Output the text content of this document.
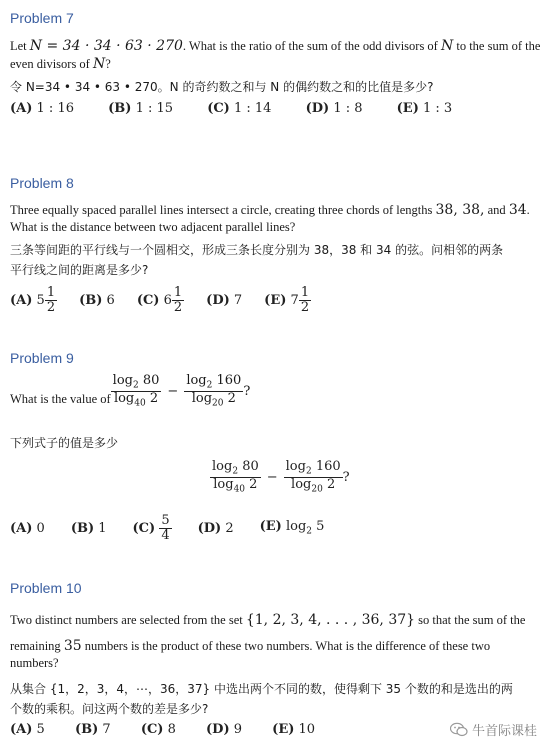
Problem 7
Let N = 34 · 34 · 63 · 270. What is the ratio of the sum of the odd divisors of N to the sum of the
even divisors of N?
令 N=34 • 34 • 63 • 270。N 的奇约数之和与 N 的偶约数之和的比值是多少?
(A) 1 : 16	(B) 1 : 15	(C) 1 : 14	(D) 1 : 8	(E) 1 : 3
Problem 8
Three equally spaced parallel lines intersect a circle, creating three chords of lengths 38, 38, and 34.
What is the distance between two adjacent parallel lines?
三条等间距的平行线与一个圆相交，形成三条长度分别为 38，38 和 34 的弦。问相邻的两条
平行线之间的距离是多少?
(A)
$5 \frac{1}{2} (B)$ 6 (C)
$6 \frac{1}{2} (D)$ 7 (E)
$7 \frac{1}{2}$
Problem 9
What is the value of $\frac{\log_2 80}{\log_{40} 2} - \frac{\log_2 160}{\log_{20} 2}$ ?
下列式子的值是多少
$\frac{\log_2 80}{\log_{40} 2} - \frac{\log_2 160}{\log_{20} 2}$ ?
(A) 0 (B) 1 (C)
$\frac{5}{4} (D)$ 2 (E) $\log_2 5$
Problem 10
Two distinct numbers are selected from the set {1, 2, 3, 4, . . . , 36, 37} so that the sum of the
remaining 35 numbers is the product of these two numbers. What is the difference of these two
numbers?
从集合 {1，2，3，4，⋯，36，37} 中选出两个不同的数，使得剩下 35 个数的和是选出的两
个数的乘积。问这两个数的差是多少?
(A) 5 (B) 7 (C) 8 (D) 9 (E) 10	牛首际课桂
